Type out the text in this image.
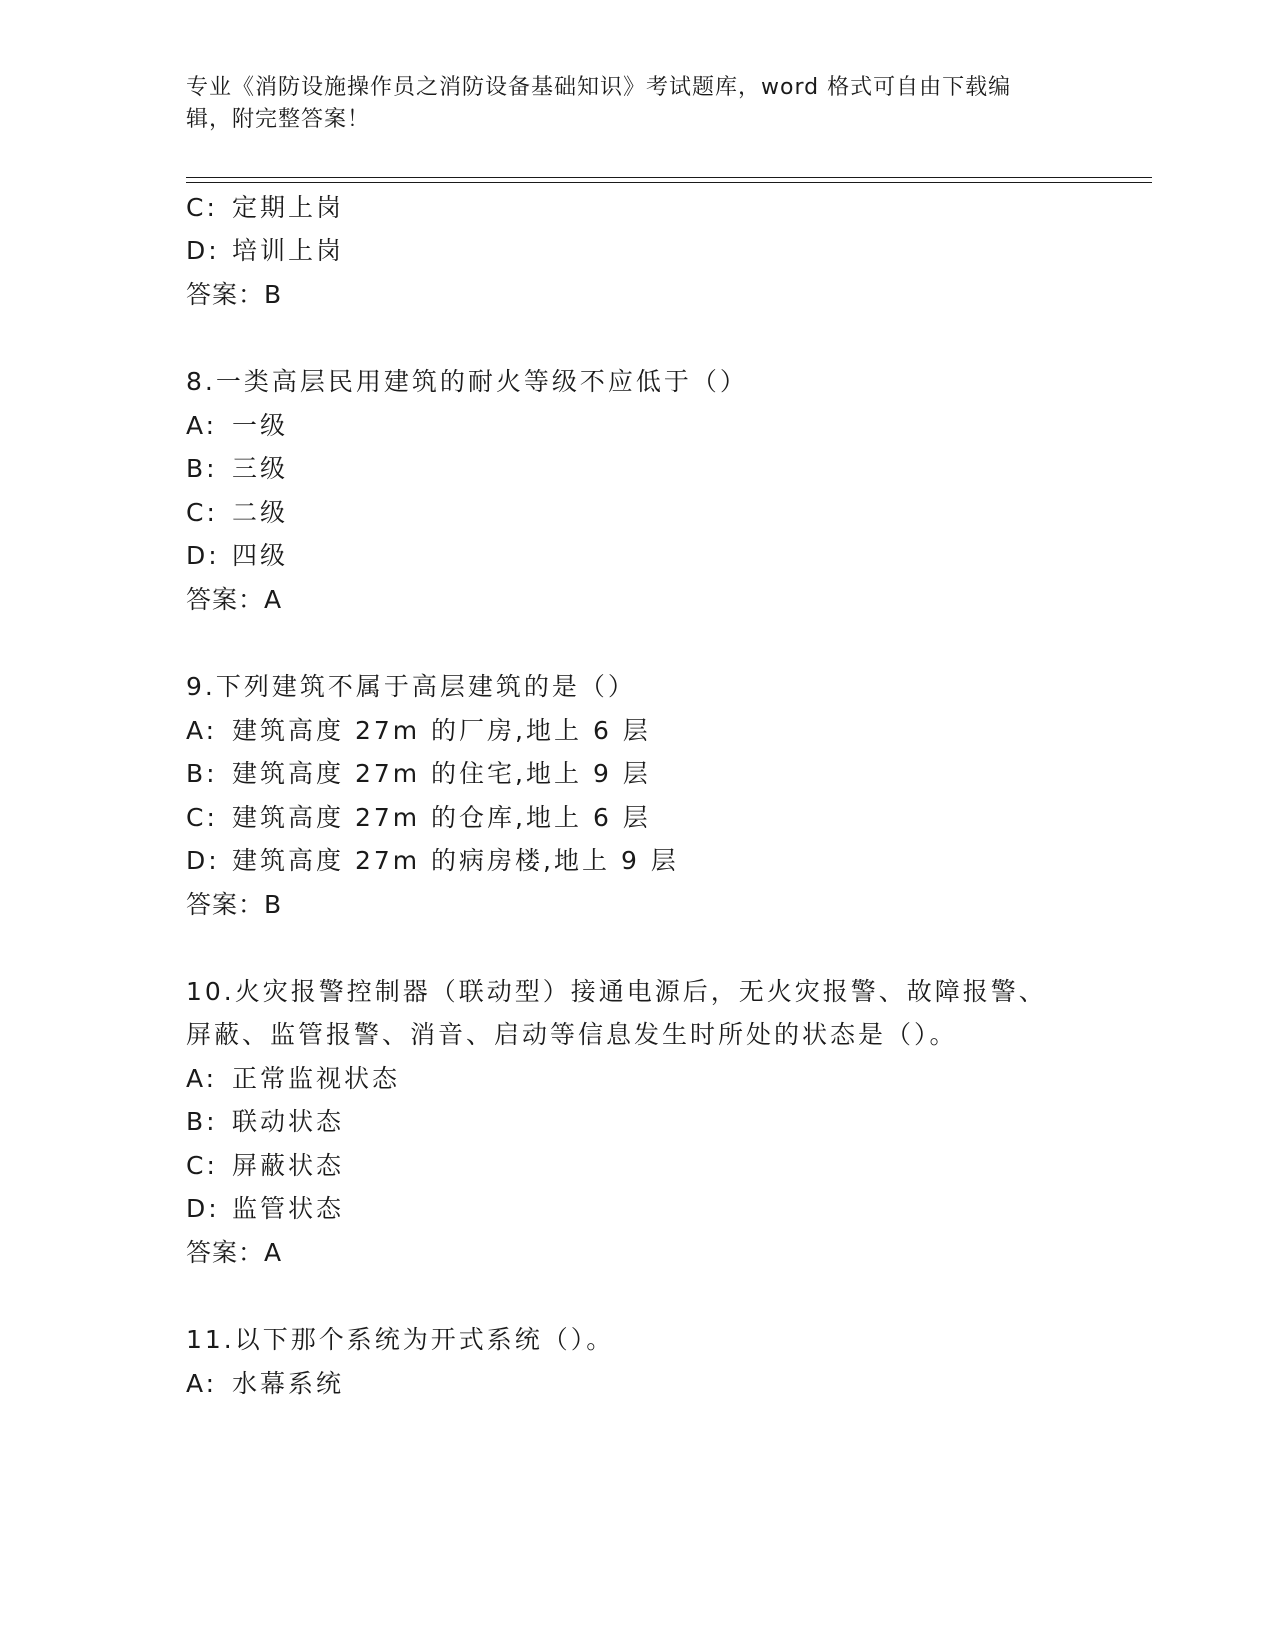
专业《消防设施操作员之消防设备基础知识》考试题库，word 格式可自由下载编
辑，附完整答案！
C: 定期上岗
D: 培训上岗
答案：B
8.一类高层民用建筑的耐火等级不应低于（）
A: 一级
B: 三级
C: 二级
D: 四级
答案：A
9.下列建筑不属于高层建筑的是（）
A: 建筑高度 27m 的厂房,地上 6 层
B: 建筑高度 27m 的住宅,地上 9 层
C: 建筑高度 27m 的仓库,地上 6 层
D: 建筑高度 27m 的病房楼,地上 9 层
答案：B
10.火灾报警控制器（联动型）接通电源后，无火灾报警、故障报警、
屏蔽、监管报警、消音、启动等信息发生时所处的状态是（）。
A: 正常监视状态
B: 联动状态
C: 屏蔽状态
D: 监管状态
答案：A
11.以下那个系统为开式系统（）。
A: 水幕系统
